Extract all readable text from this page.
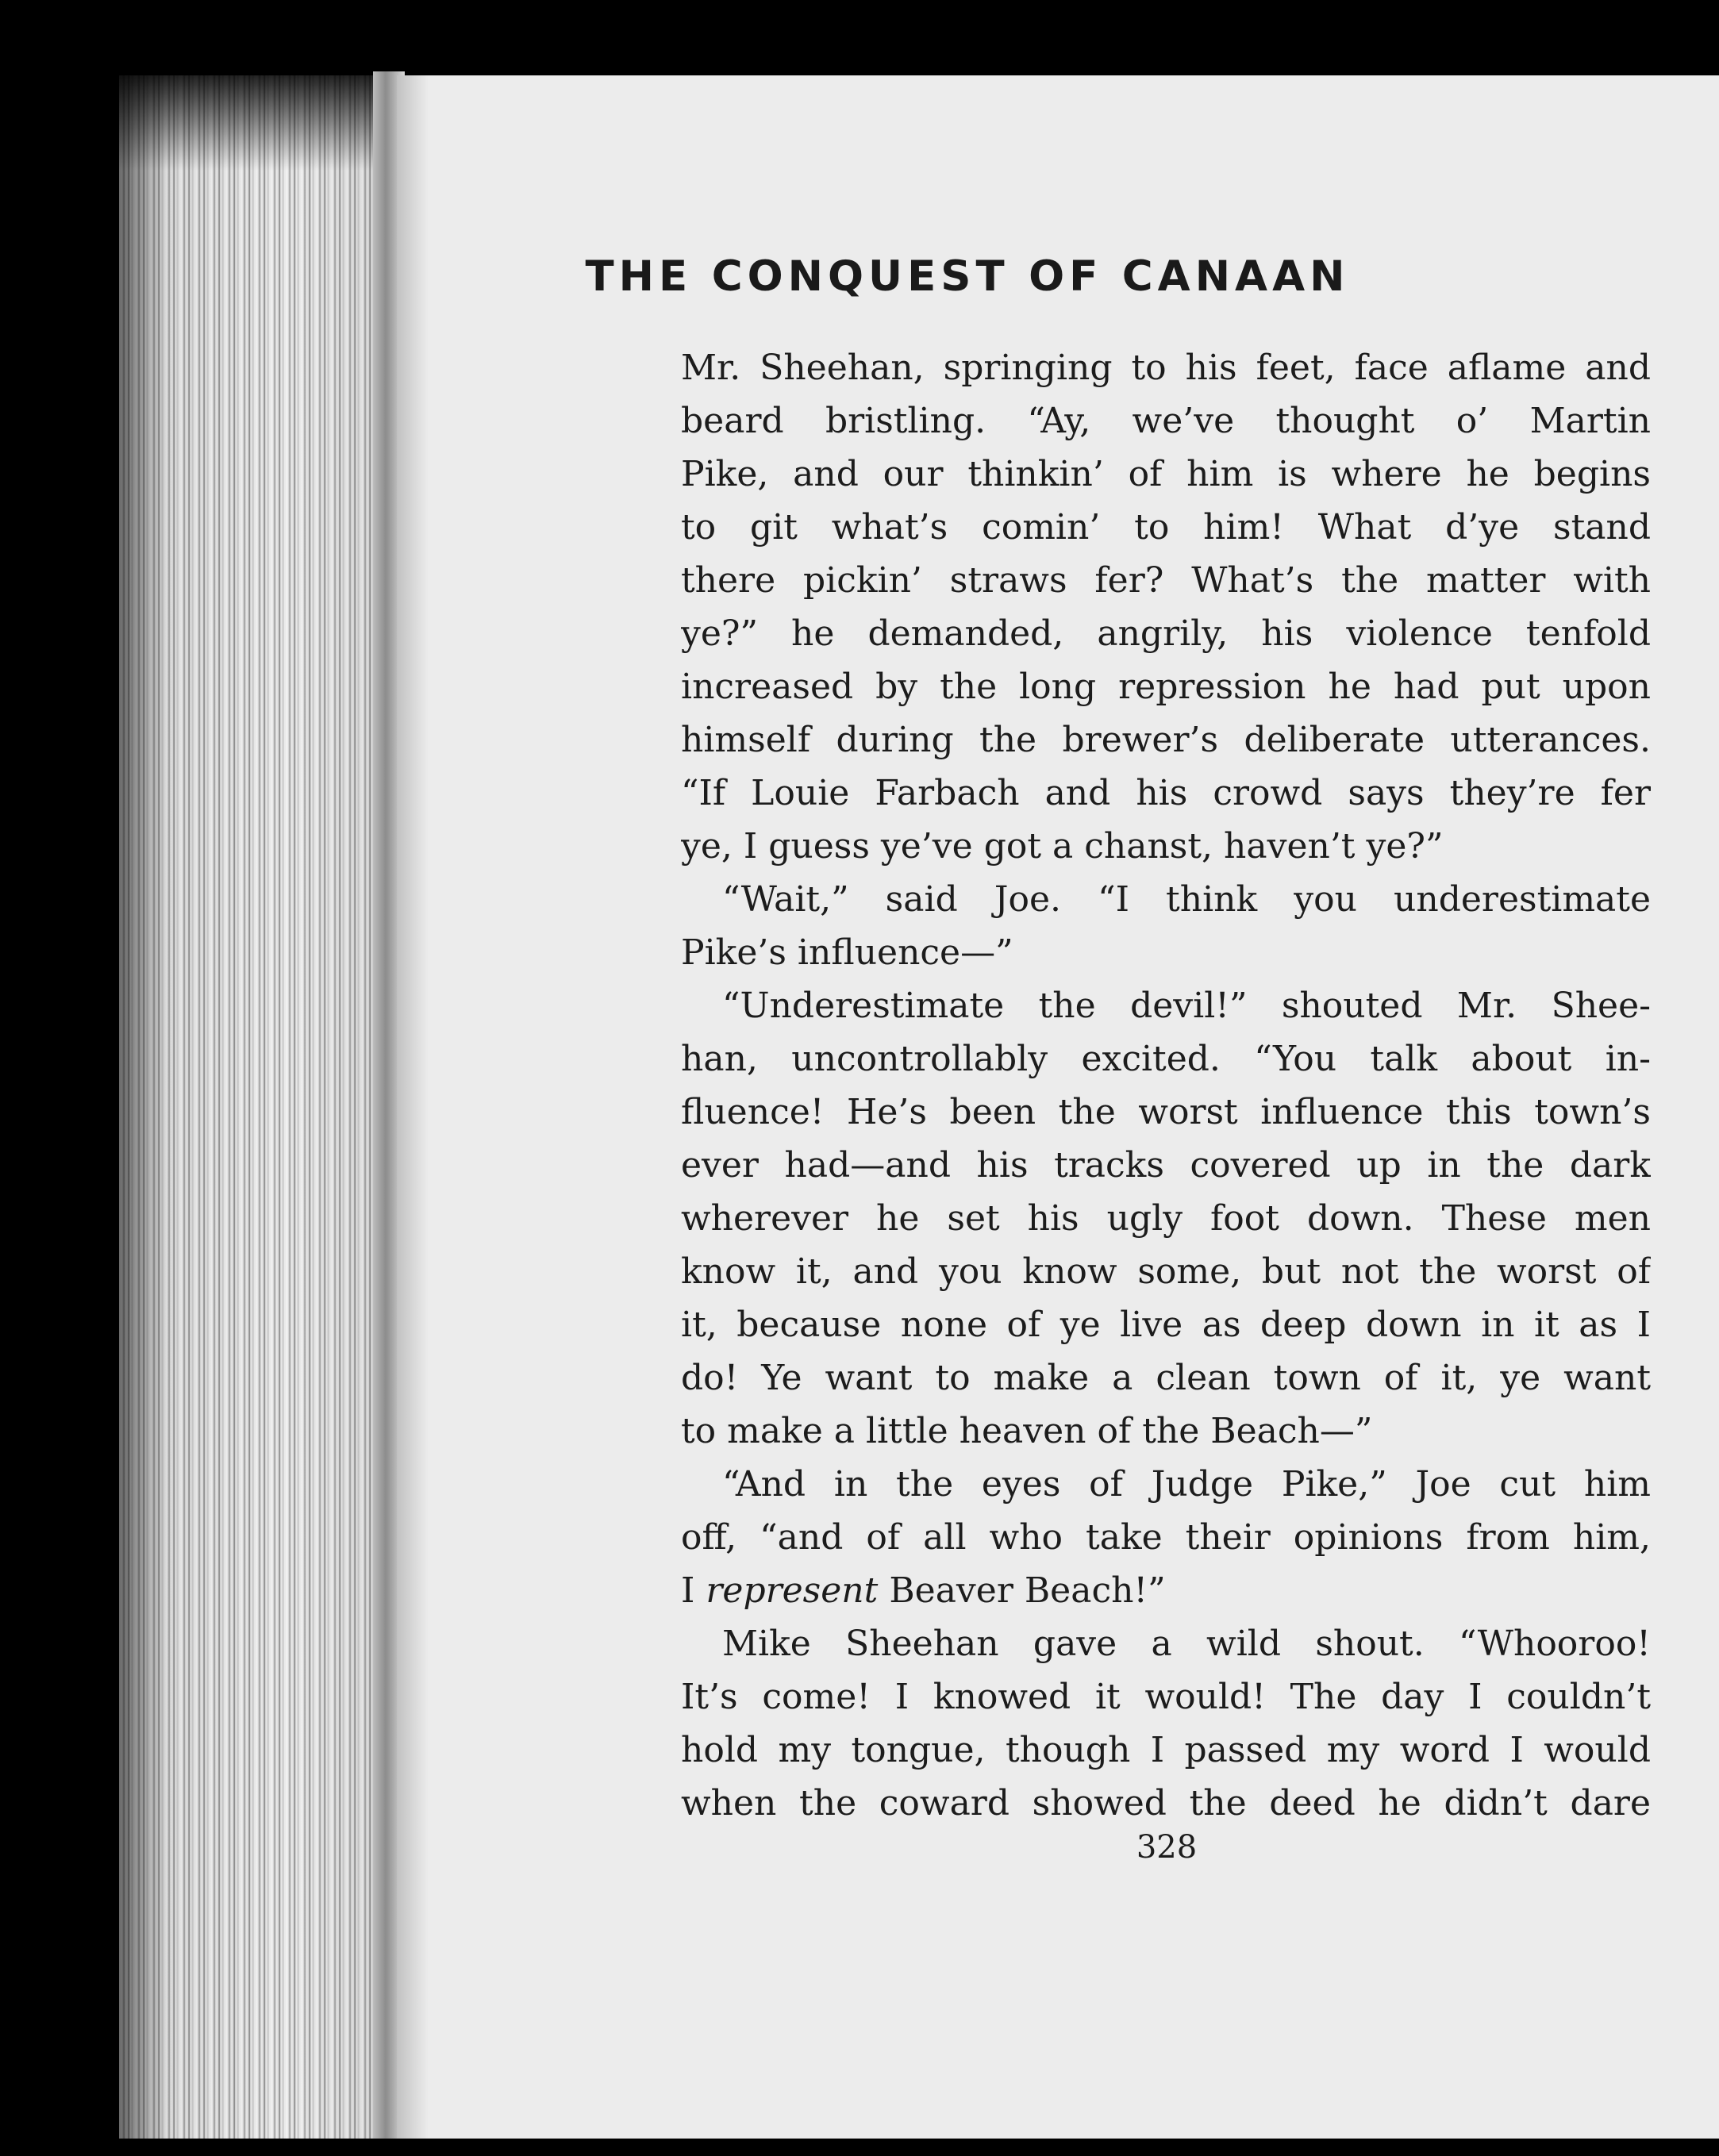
THE CONQUEST OF CANAAN
Mr. Sheehan, springing to his feet, face aflame and
beard bristling. “Ay, we’ve thought o’ Martin
Pike, and our thinkin’ of him is where he begins
to git what’s comin’ to him! What d’ye stand
there pickin’ straws fer? What’s the matter with
ye?” he demanded, angrily, his violence tenfold
increased by the long repression he had put upon
himself during the brewer’s deliberate utterances.
“If Louie Farbach and his crowd says they’re fer
ye, I guess ye’ve got a chanst, haven’t ye?”
“Wait,” said Joe. “I think you underestimate
Pike’s influence—”
“Underestimate the devil!” shouted Mr. Shee-
han, uncontrollably excited. “You talk about in-
fluence! He’s been the worst influence this town’s
ever had—and his tracks covered up in the dark
wherever he set his ugly foot down. These men
know it, and you know some, but not the worst of
it, because none of ye live as deep down in it as I
do! Ye want to make a clean town of it, ye want
to make a little heaven of the Beach—”
“And in the eyes of Judge Pike,” Joe cut him
off, “and of all who take their opinions from him,
I represent Beaver Beach!”
Mike Sheehan gave a wild shout. “Whooroo!
It’s come! I knowed it would! The day I couldn’t
hold my tongue, though I passed my word I would
when the coward showed the deed he didn’t dare

328
